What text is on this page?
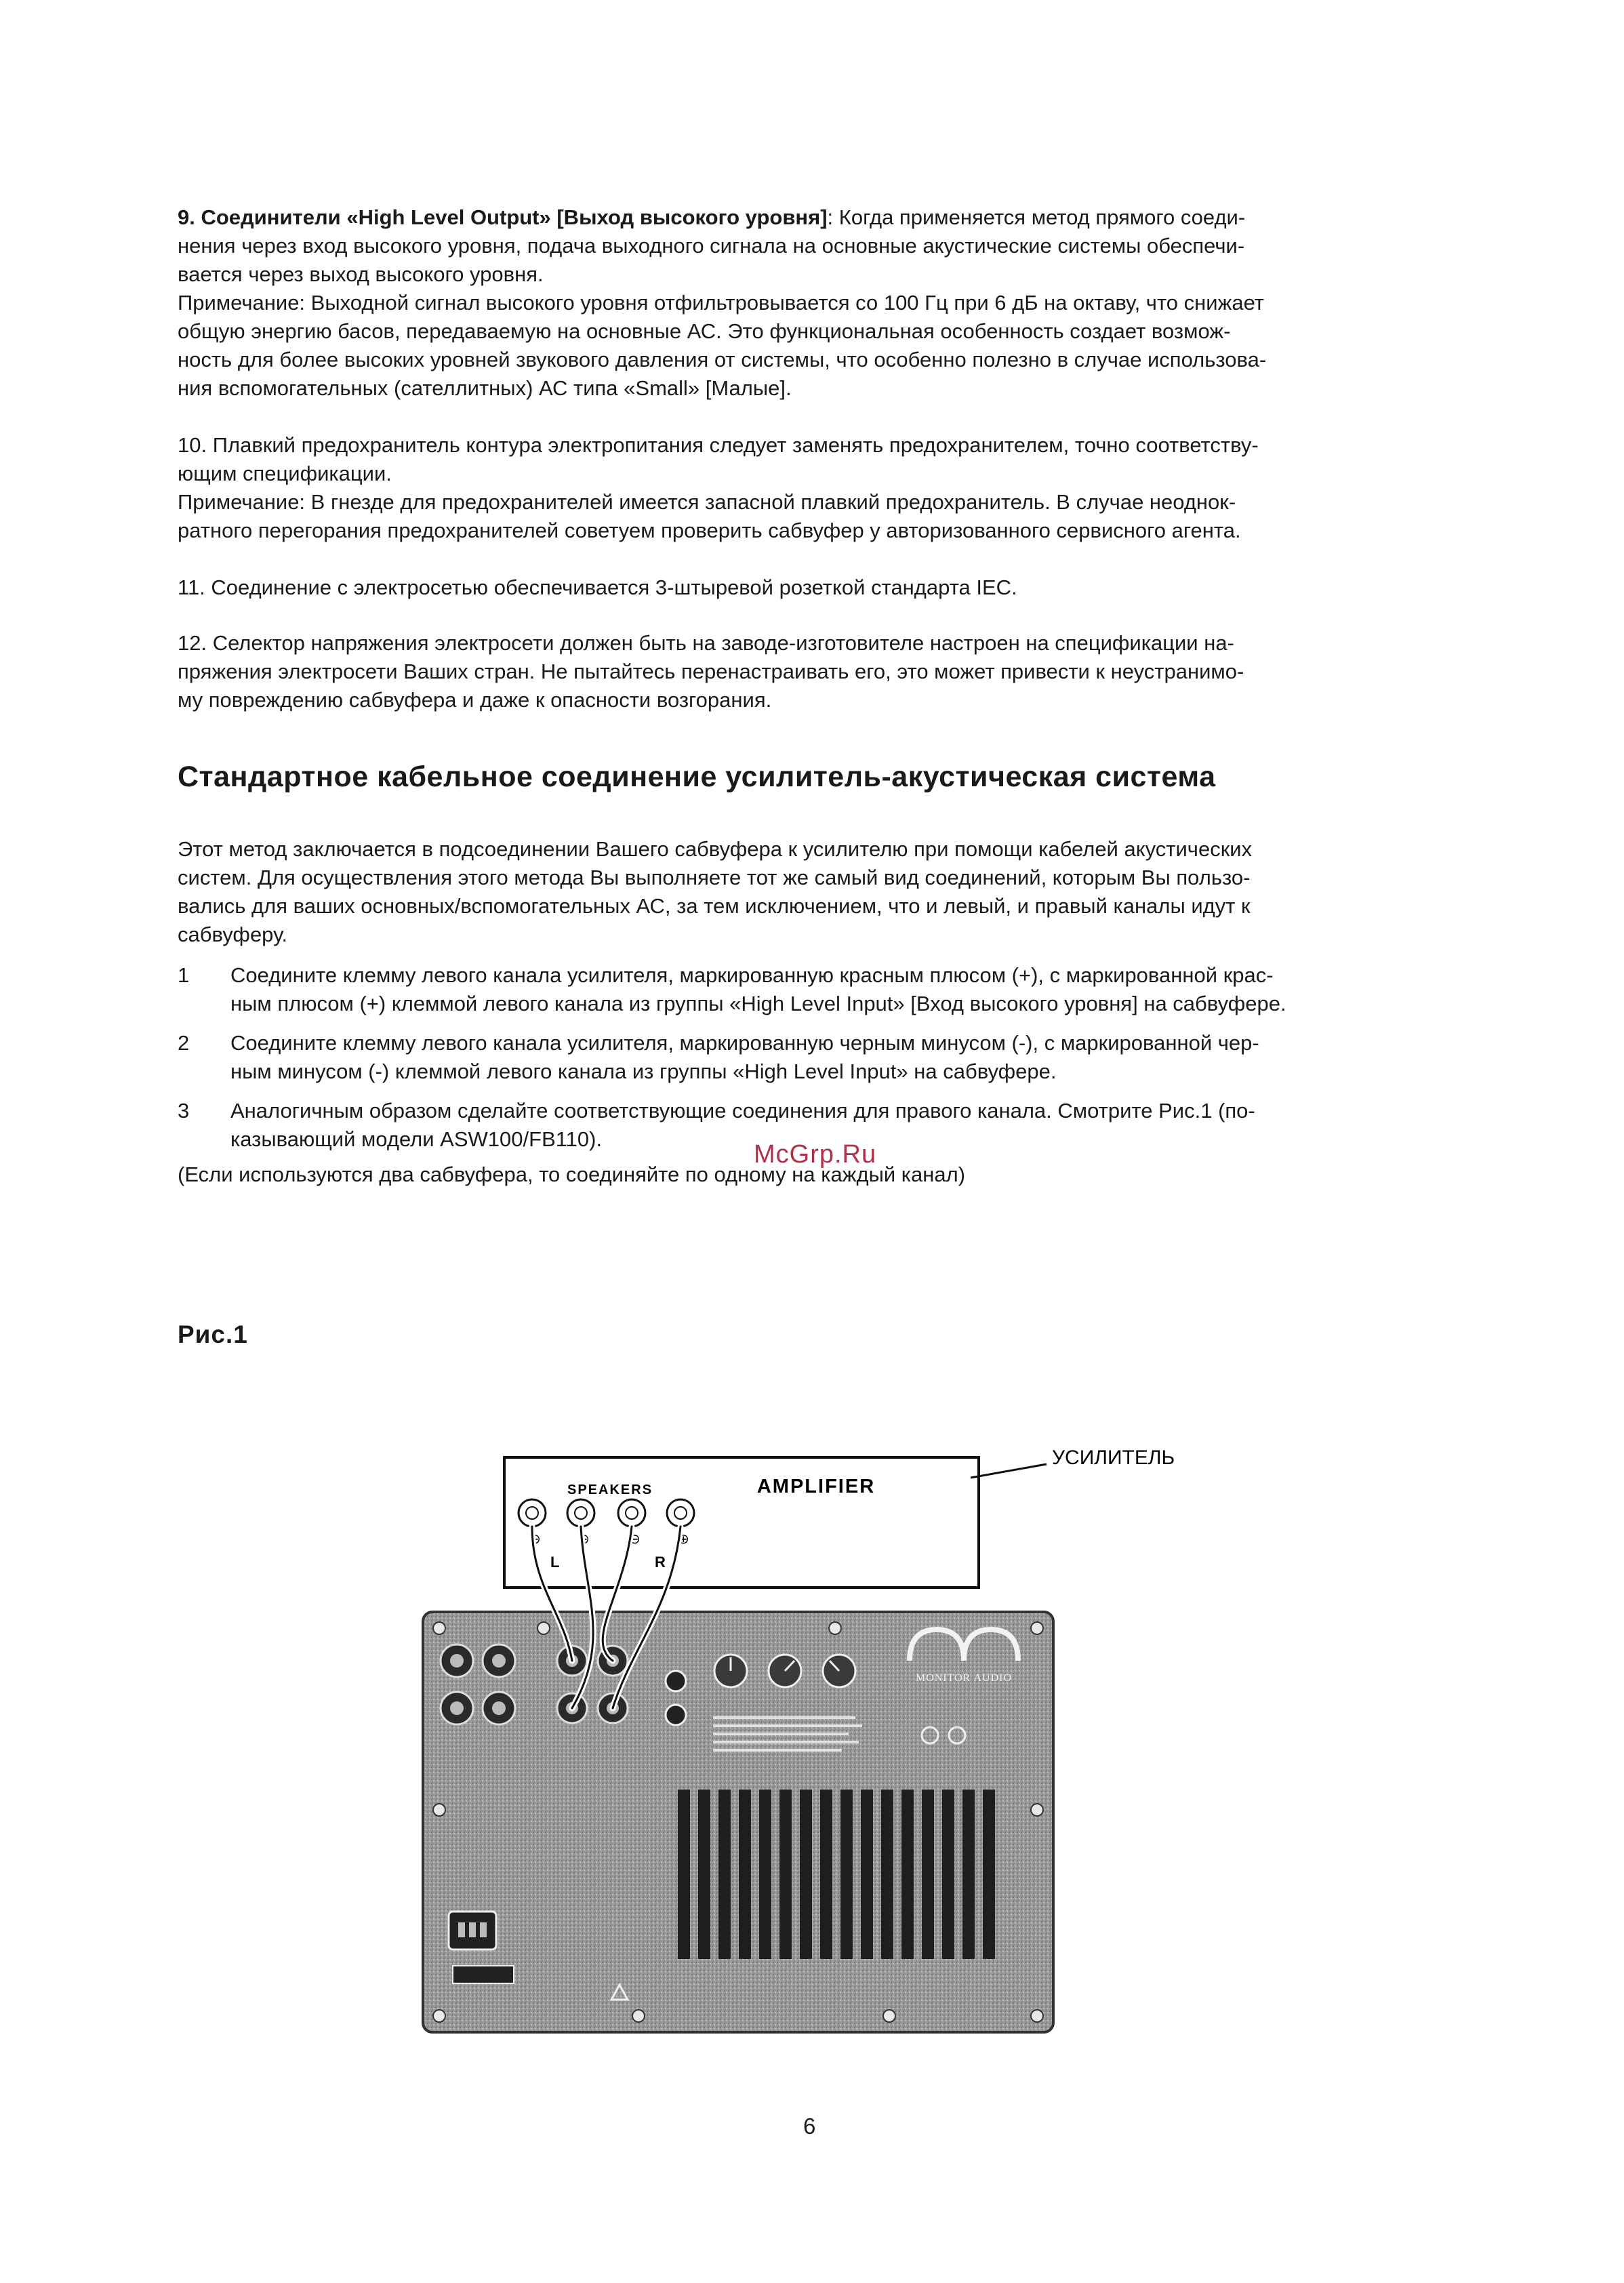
9. Соединители «High Level Output» [Выход высокого уровня]: Когда применяется метод прямого соеди-

нения через вход высокого уровня, подача выходного сигнала на основные акустические системы обеспечи-

вается через выход высокого уровня.

Примечание: Выходной сигнал высокого уровня отфильтровывается со 100 Гц при 6 дБ на октаву, что снижает

общую энергию басов, передаваемую на основные АС. Это функциональная особенность создает возмож-

ность для более высоких уровней звукового давления от системы, что особенно полезно в случае использова-

ния вспомогательных (сателлитных) АС типа «Small» [Малые].

10. Плавкий предохранитель контура электропитания следует заменять предохранителем, точно соответству-

ющим спецификации.

Примечание: В гнезде для предохранителей имеется запасной плавкий предохранитель. В случае неоднок-

ратного перегорания предохранителей советуем проверить сабвуфер у авторизованного сервисного агента.

11. Соединение с электросетью обеспечивается 3-штыревой розеткой стандарта IEC.

12. Селектор напряжения электросети должен быть на заводе-изготовителе настроен на спецификации на-

пряжения электросети Ваших стран. Не пытайтесь перенастраивать его, это может привести к неустранимо-

му повреждению сабвуфера и даже к опасности возгорания.

Стандартное кабельное соединение усилитель-акустическая система

Этот метод заключается в подсоединении Вашего сабвуфера к усилителю при помощи кабелей акустических

систем. Для осуществления этого метода Вы выполняете тот же самый вид соединений, которым Вы пользо-

вались для ваших основных/вспомогательных АС, за тем исключением, что и левый, и правый каналы идут к

сабвуферу.

1	Соедините клемму левого канала усилителя, маркированную красным плюсом (+), с маркированной крас-

ным плюсом (+) клеммой левого канала из группы «High Level Input» [Вход высокого уровня] на сабвуфере.

2	Соедините клемму левого канала усилителя, маркированную черным минусом (-), с маркированной чер-

ным минусом (-) клеммой левого канала из группы «High Level Input» на сабвуфере.

3	Аналогичным образом сделайте соответствующие соединения для правого канала. Смотрите Рис.1 (по-

казывающий модели ASW100/FB110).

(Если используются два сабвуфера, то соединяйте по одному на каждый канал)

McGrp.Ru
Рис.1
AMPLIFIER
SPEAKERS
⊖	⊕	⊖	⊕
L	R
УСИЛИТЕЛЬ
MONITOR AUDIO
6
